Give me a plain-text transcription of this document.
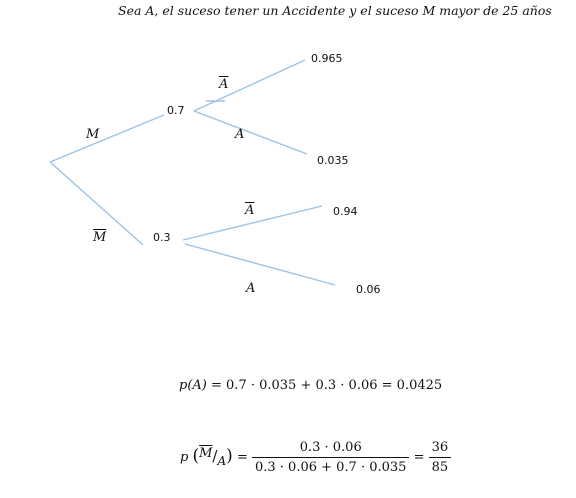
Sea A, el suceso tener un Accidente y el suceso M mayor de 25 años
M
$\overline{M}$
0.7
0.3
$\overline{A}$
A
$\overline{A}$
A
0.965
0.035
0.94
0.06
p(A) = 0.7 · 0.035 + 0.3 · 0.06 = 0.0425
p $(\overline{M}/A) = \frac{0.3 \cdot 0.06}{0.3 \cdot 0.06 + 0.7 \cdot 0.035} = \frac{36}{85}$
